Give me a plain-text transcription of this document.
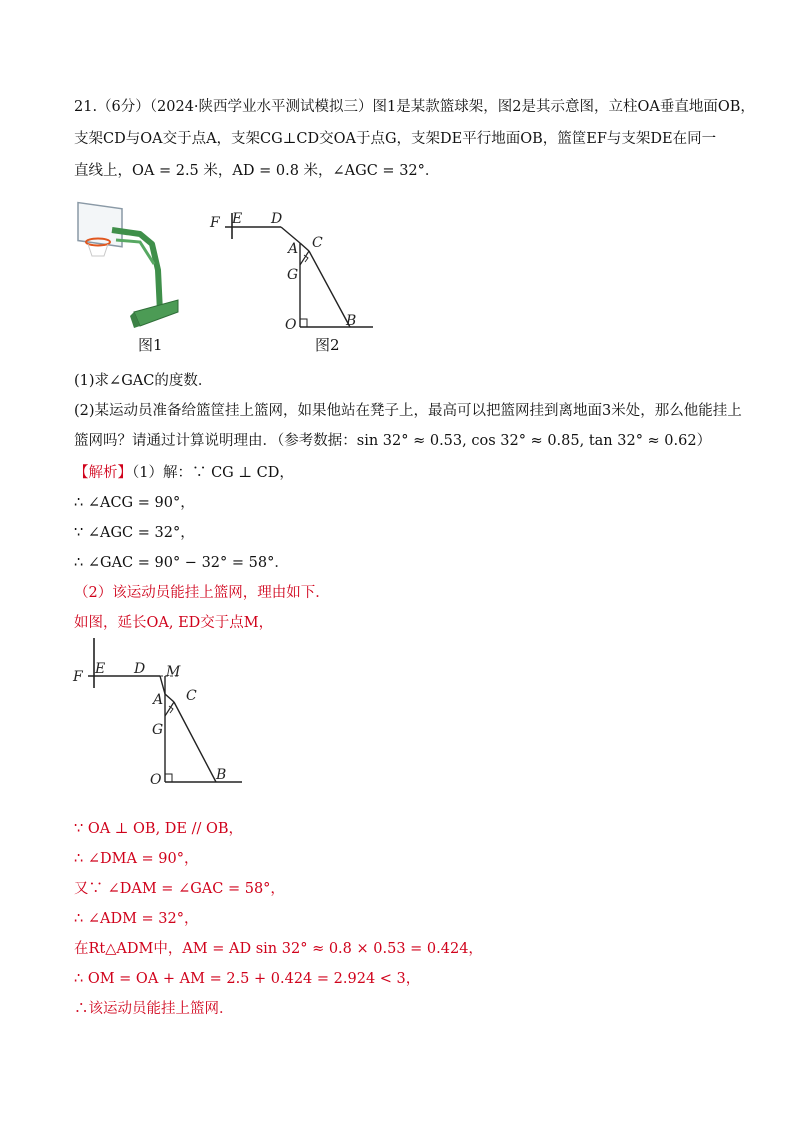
21.（6分）（2024·陕西学业水平测试模拟三）图1是某款篮球架，图2是其示意图，立柱OA垂直地面OB，
支架CD与OA交于点A，支架CG⊥CD交OA于点G，支架DE平行地面OB，篮筐EF与支架DE在同一
直线上，OA = 2.5 米，AD = 0.8 米，∠AGC = 32°．
图1
F E D
A C
G
O	B
图2
(1)求∠GAC的度数．
(2)某运动员准备给篮筐挂上篮网，如果他站在凳子上，最高可以把篮网挂到离地面3米处，那么他能挂上
篮网吗？请通过计算说明理由．（参考数据：sin 32° ≈ 0.53, cos 32° ≈ 0.85, tan 32° ≈ 0.62）
【解析】（1）解：∵ CG ⊥ CD，
∴ ∠ACG = 90°，
∵ ∠AGC = 32°，
∴ ∠GAC = 90° − 32° = 58°．
（2）该运动员能挂上篮网，理由如下．
如图，延长OA, ED交于点M，
F E D M
A C
G
O	B
∵ OA ⊥ OB, DE // OB，
∴ ∠DMA = 90°，
又∵ ∠DAM = ∠GAC = 58°，
∴ ∠ADM = 32°，
在Rt△ADM中，AM = AD sin 32° ≈ 0.8 × 0.53 = 0.424，
∴ OM = OA + AM = 2.5 + 0.424 = 2.924 < 3，
∴该运动员能挂上篮网．
